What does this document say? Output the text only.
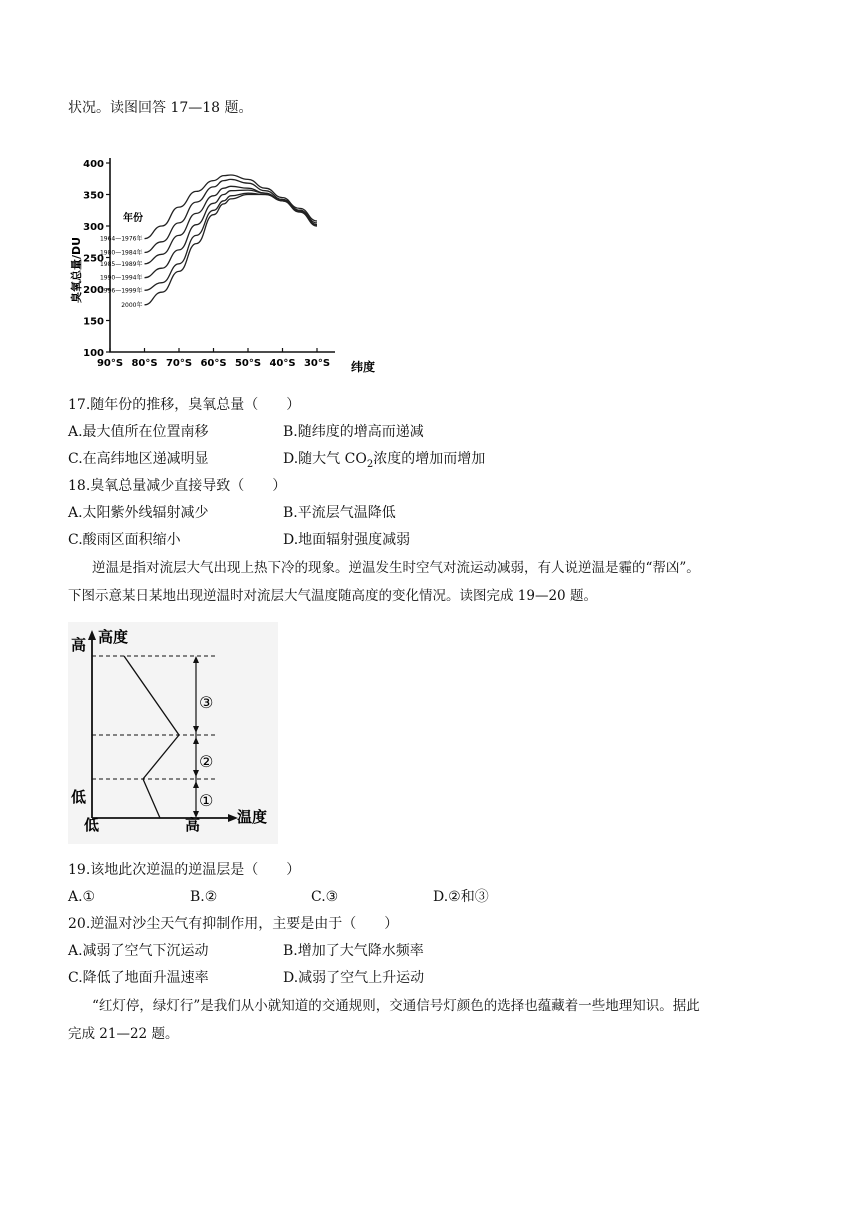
状况。读图回答 17—18 题。
400
350
300
250
200
150
100
90°S 80°S 70°S 60°S 50°S 40°S 30°S
1964—1976年
1980—1984年
1985—1989年
1990—1994年
1996—1999年
2000年
臭氧总量/DU
纬度
年份
17.随年份的推移，臭氧总量（　　）
A.最大值所在位置南移	B.随纬度的增高而递减
C.在高纬地区递减明显	D.随大气 $CO_2$浓度的增加而增加
18.臭氧总量减少直接导致（　　）
A.太阳紫外线辐射减少	B.平流层气温降低
C.酸雨区面积缩小	D.地面辐射强度减弱
逆温是指对流层大气出现上热下冷的现象。逆温发生时空气对流运动减弱，有人说逆温是霾的“帮凶”。
下图示意某日某地出现逆温时对流层大气温度随高度的变化情况。读图完成 19—20 题。
高度
高
低
低	高 温度
③
②
①
19.该地此次逆温的逆温层是（　　）
A.①	B.②	C.③	D.②和③
20.逆温对沙尘天气有抑制作用，主要是由于（　　）
A.减弱了空气下沉运动	B.增加了大气降水频率
C.降低了地面升温速率	D.减弱了空气上升运动
“红灯停，绿灯行”是我们从小就知道的交通规则，交通信号灯颜色的选择也蕴藏着一些地理知识。据此
完成 21—22 题。
